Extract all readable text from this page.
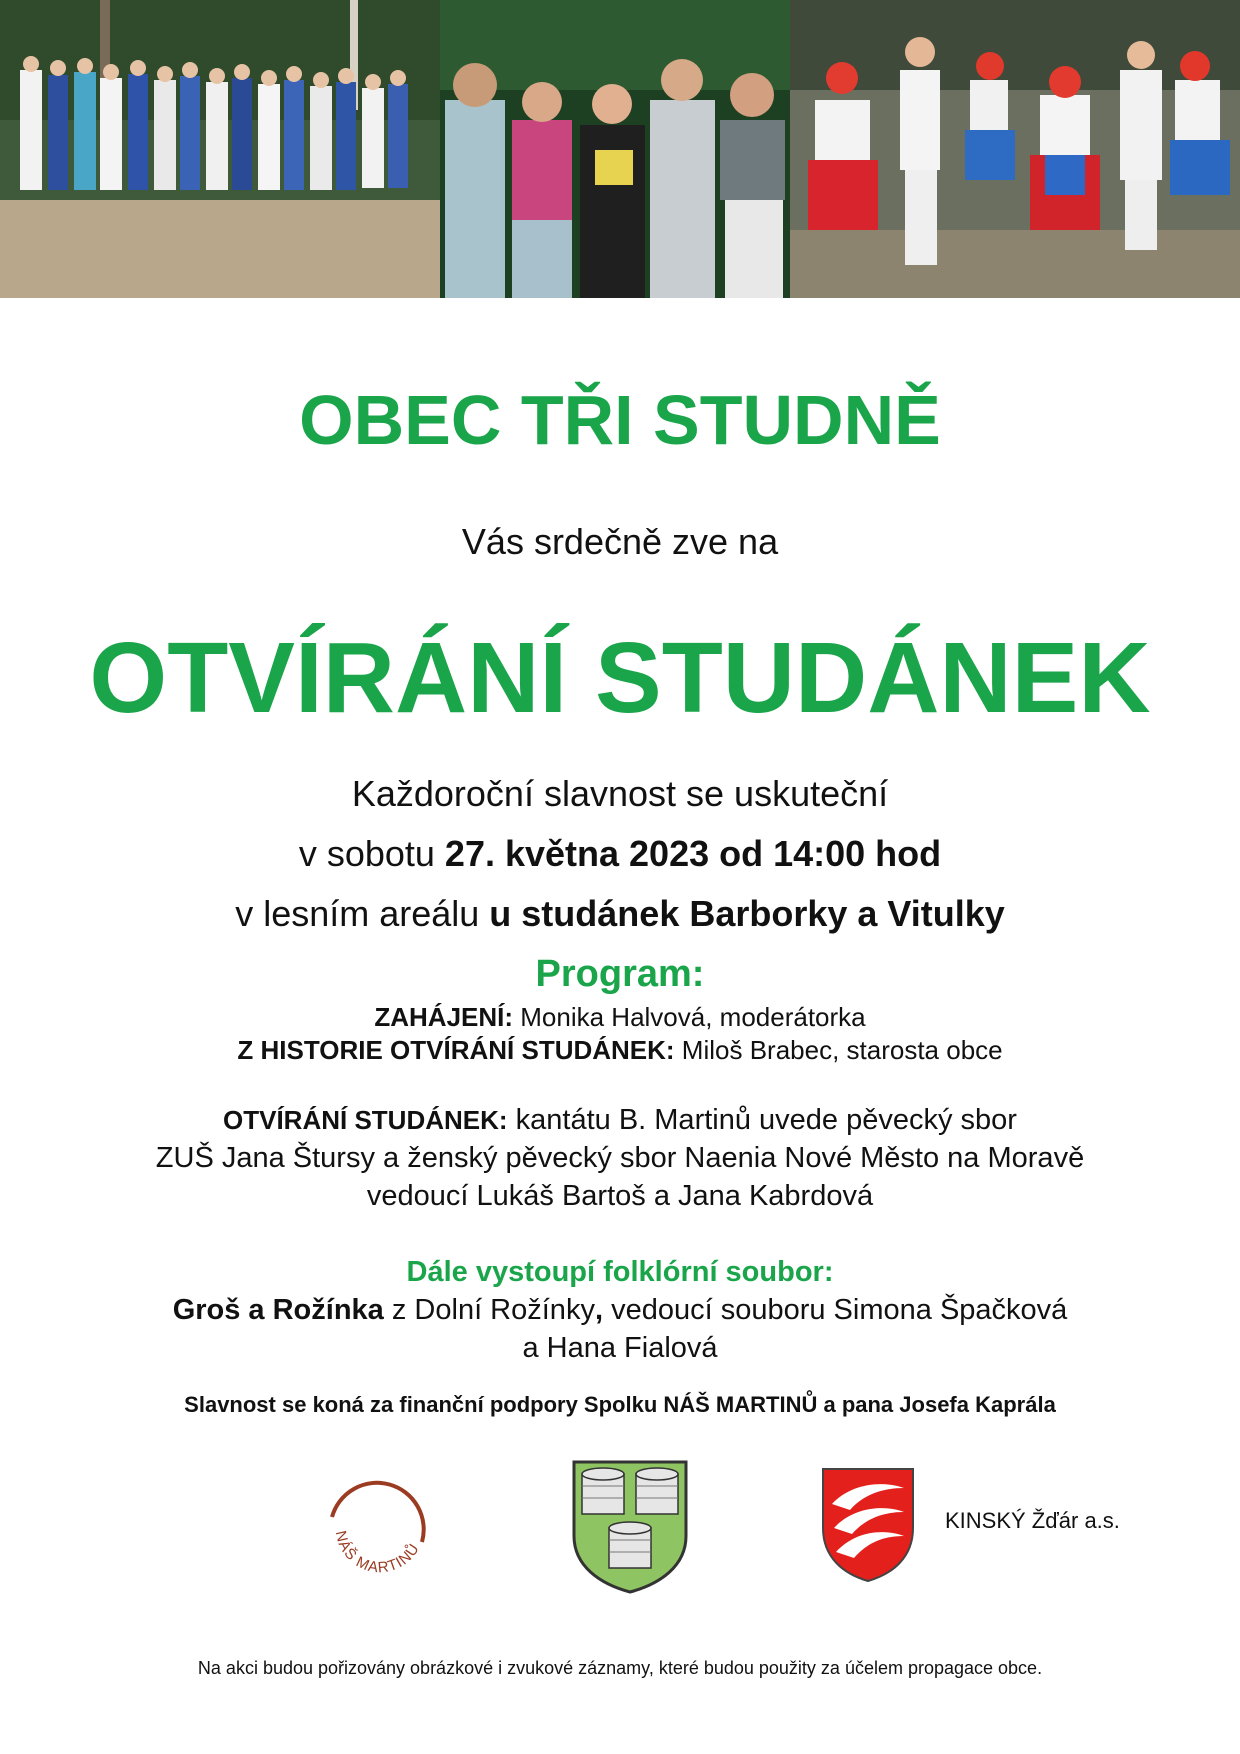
OBEC TŘI STUDNĚ
Vás srdečně zve na
OTVÍRÁNÍ STUDÁNEK
Každoroční slavnost se uskuteční
v sobotu 27. května 2023 od 14:00 hod
v lesním areálu u studánek Barborky a Vitulky
Program:
ZAHÁJENÍ: Monika Halvová, moderátorka
Z HISTORIE OTVÍRÁNÍ STUDÁNEK: Miloš Brabec, starosta obce
OTVÍRÁNÍ STUDÁNEK: kantátu B. Martinů uvede pěvecký sbor
ZUŠ Jana Štursy a ženský pěvecký sbor Naenia Nové Město na Moravě
vedoucí Lukáš Bartoš a Jana Kabrdová
Dále vystoupí folklórní soubor:
Groš a Rožínka z Dolní Rožínky, vedoucí souboru Simona Špačková
a Hana Fialová
Slavnost se koná za finanční podpory Spolku NÁŠ MARTINŮ a pana Josefa Kaprála
NÁŠ MARTINŮ
KINSKÝ Žďár a.s.
Na akci budou pořizovány obrázkové i zvukové záznamy, které budou použity za účelem propagace obce.
